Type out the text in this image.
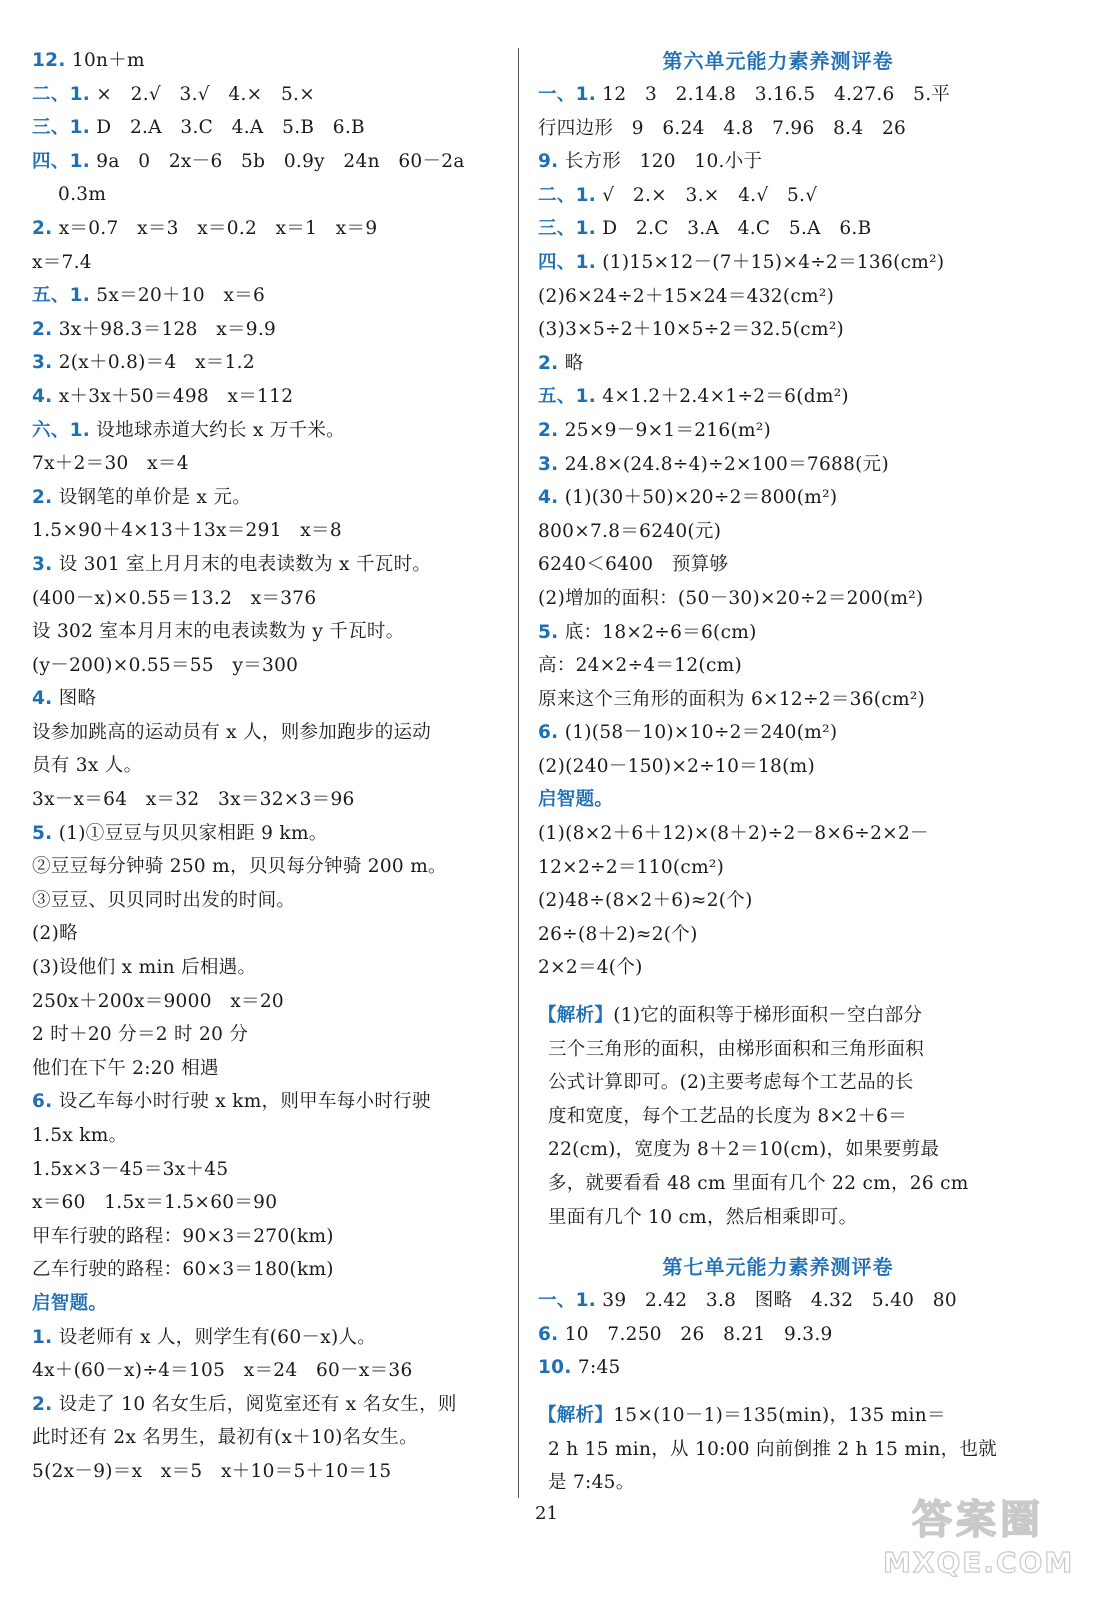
12. 10n＋m
二、1. ×   2.√   3.√   4.×   5.×
三、1. D   2.A   3.C   4.A   5.B   6.B
四、1. 9a   0   2x－6   5b   0.9y   24n   60－2a
0.3m
2. x＝0.7   x＝3   x＝0.2   x＝1   x＝9
x＝7.4
五、1. 5x＝20＋10   x＝6
2. 3x＋98.3＝128   x＝9.9
3. 2(x＋0.8)＝4   x＝1.2
4. x＋3x＋50＝498   x＝112
六、1. 设地球赤道大约长 x 万千米。
7x＋2＝30   x＝4
2. 设钢笔的单价是 x 元。
1.5×90＋4×13＋13x＝291   x＝8
3. 设 301 室上月月末的电表读数为 x 千瓦时。
(400－x)×0.55＝13.2   x＝376
设 302 室本月月末的电表读数为 y 千瓦时。
(y－200)×0.55＝55   y＝300
4. 图略
设参加跳高的运动员有 x 人，则参加跑步的运动
员有 3x 人。
3x－x＝64   x＝32   3x＝32×3＝96
5. (1)①豆豆与贝贝家相距 9 km。
②豆豆每分钟骑 250 m，贝贝每分钟骑 200 m。
③豆豆、贝贝同时出发的时间。
(2)略
(3)设他们 x min 后相遇。
250x＋200x＝9000   x＝20
2 时＋20 分＝2 时 20 分
他们在下午 2:20 相遇
6. 设乙车每小时行驶 x km，则甲车每小时行驶
1.5x km。
1.5x×3－45＝3x＋45
x＝60   1.5x＝1.5×60＝90
甲车行驶的路程：90×3＝270(km)
乙车行驶的路程：60×3＝180(km)
启智题。
1. 设老师有 x 人，则学生有(60－x)人。
4x＋(60－x)÷4＝105   x＝24   60－x＝36
2. 设走了 10 名女生后，阅览室还有 x 名女生，则
此时还有 2x 名男生，最初有(x＋10)名女生。
5(2x－9)＝x   x＝5   x＋10＝5＋10＝15
第六单元能力素养测评卷
一、1. 12   3   2.14.8   3.16.5   4.27.6   5.平
行四边形   9   6.24   4.8   7.96   8.4   26
9. 长方形   120   10.小于
二、1. √   2.×   3.×   4.√   5.√
三、1. D   2.C   3.A   4.C   5.A   6.B
四、1. (1)15×12－(7＋15)×4÷2＝136(cm²)
(2)6×24÷2＋15×24＝432(cm²)
(3)3×5÷2＋10×5÷2＝32.5(cm²)
2. 略
五、1. 4×1.2＋2.4×1÷2＝6(dm²)
2. 25×9－9×1＝216(m²)
3. 24.8×(24.8÷4)÷2×100＝7688(元)
4. (1)(30＋50)×20÷2＝800(m²)
800×7.8＝6240(元)
6240＜6400   预算够
(2)增加的面积：(50－30)×20÷2＝200(m²)
5. 底：18×2÷6＝6(cm)
高：24×2÷4＝12(cm)
原来这个三角形的面积为 6×12÷2＝36(cm²)
6. (1)(58－10)×10÷2＝240(m²)
(2)(240－150)×2÷10＝18(m)
启智题。
(1)(8×2＋6＋12)×(8＋2)÷2－8×6÷2×2－
12×2÷2＝110(cm²)
(2)48÷(8×2＋6)≈2(个)
26÷(8＋2)≈2(个)
2×2＝4(个)
【解析】(1)它的面积等于梯形面积－空白部分
三个三角形的面积，由梯形面积和三角形面积
公式计算即可。(2)主要考虑每个工艺品的长
度和宽度，每个工艺品的长度为 8×2＋6＝
22(cm)，宽度为 8＋2＝10(cm)，如果要剪最
多，就要看看 48 cm 里面有几个 22 cm，26 cm
里面有几个 10 cm，然后相乘即可。
第七单元能力素养测评卷
一、1. 39   2.42   3.8   图略   4.32   5.40   80
6. 10   7.250   26   8.21   9.3.9
10. 7:45
【解析】15×(10－1)＝135(min)，135 min＝
2 h 15 min，从 10:00 向前倒推 2 h 15 min，也就
是 7:45。
21	答案圈
MXQE.COM
